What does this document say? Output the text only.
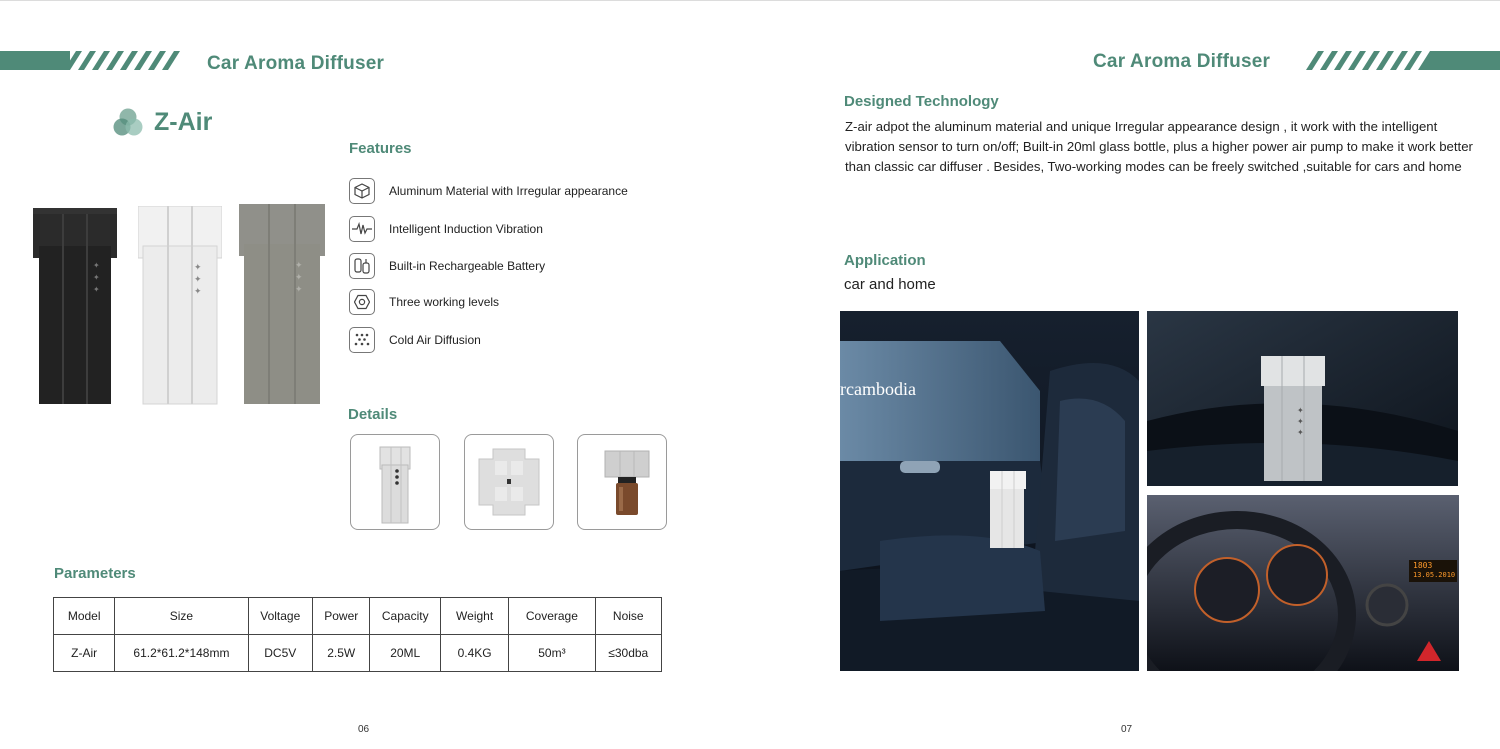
Car Aroma Diffuser
Z-Air
✦
✦
✦
✦
✦
✦
✦
✦
✦
Features
Aluminum Material with Irregular appearance
Intelligent Induction Vibration
Built-in Rechargeable Battery
Three working levels
Cold Air Diffusion
Details
Parameters
Model	Size	Voltage	Power	Capacity	Weight	Coverage	Noise
Z-Air	61.2*61.2*148mm	DC5V	2.5W	20ML	0.4KG	50m³	≤30dba
06
Car Aroma Diffuser
Designed Technology
Z-air adpot the aluminum material and unique Irregular appearance design , it work with the intelligent vibration sensor to turn on/off; Built-in 20ml glass bottle, plus a higher power air pump to make it work better than classic car diffuser . Besides, Two-working modes can be freely switched ,suitable for cars and home
Application
car and home
rcambodia
✦
✦
✦
1803
13.05.2010
07
